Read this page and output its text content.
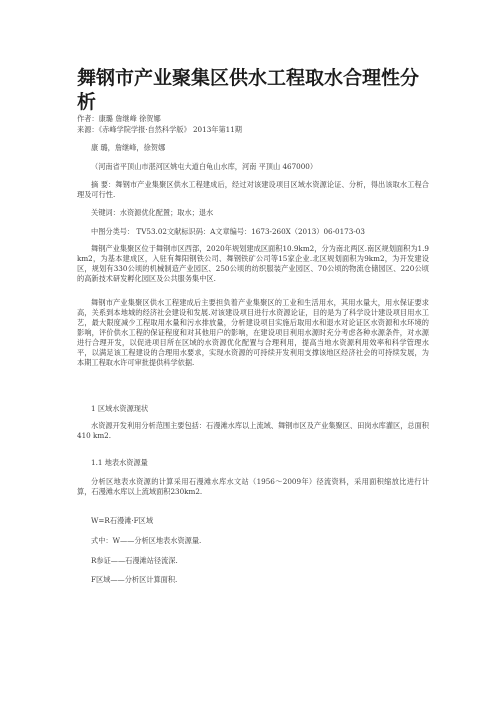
舞钢市产业聚集区供水工程取水合理性分析
作者：康璐 詹继峰 徐贺娜
来源：《赤峰学院学报·自然科学版》 2013年第11期
康 璐，詹继峰，徐贺娜
（河南省平顶山市湛河区姚屯大道白龟山水库，河南 平顶山 467000）
摘 要：舞钢市产业集聚区供水工程建成后，经过对该建设项目区域水资源论证、分析，得出该取水工程合理及可行性.
关键词：水资源优化配置；取水；退水
中图分类号： TV53.02文献标识码：A文章编号：1673-260X（2013）06-0173-03
舞钢产业集聚区位于舞钢市区西部，2020年规划建成区面积10.9km2，分为南北两区.南区规划面积为1.9km2，为基本建成区，入驻有舞阳钢铁公司、舞钢铁矿公司等15家企业.北区规划面积为9km2，为开发建设区，规划有330公顷的机械制造产业园区、250公顷的纺织服装产业园区、70公顷的物流仓储园区、220公顷的高新技术研发孵化园区及公共服务集中区.
舞钢市产业集聚区供水工程建成后主要担负着产业集聚区的工业和生活用水，其用水量大，用水保证要求高，关系到本地城的经济社会建设和发展.对该建设项目进行水资源论证，目的是为了科学设计建设项目用水工艺，最大限度减少工程取用水量和污水排放量，分析建设项目实施后取用水和退水对论证区水资源和水环境的影响，评价供水工程的保证程度和对其他用户的影响，在建设项目利用水源时充分考虑各种水源条件，对水源进行合理开发，以促进项目所在区域的水资源优化配置与合理利用，提高当地水资源利用效率和科学管理水平，以满足该工程建设的合理用水要求，实现水资源的可持续开发利用支撑该地区经济社会的可持续发展，为本期工程取水许可审批提供科学依据.
1 区域水资源现状
水资源开发利用分析范围主要包括：石漫滩水库以上流域、舞钢市区及产业集聚区、田岗水库灌区，总面积410 km2.
1.1 地表水资源量
分析区地表水资源的计算采用石漫滩水库水文站（1956～2009年）径流资料，采用面积缩放比进行计算，石漫滩水库以上流域面积230km2.
W=R石漫滩·F区域
式中：W——分析区地表水资源量.
R参证——石漫滩站径流深.
F区域——分析区计算面积.
